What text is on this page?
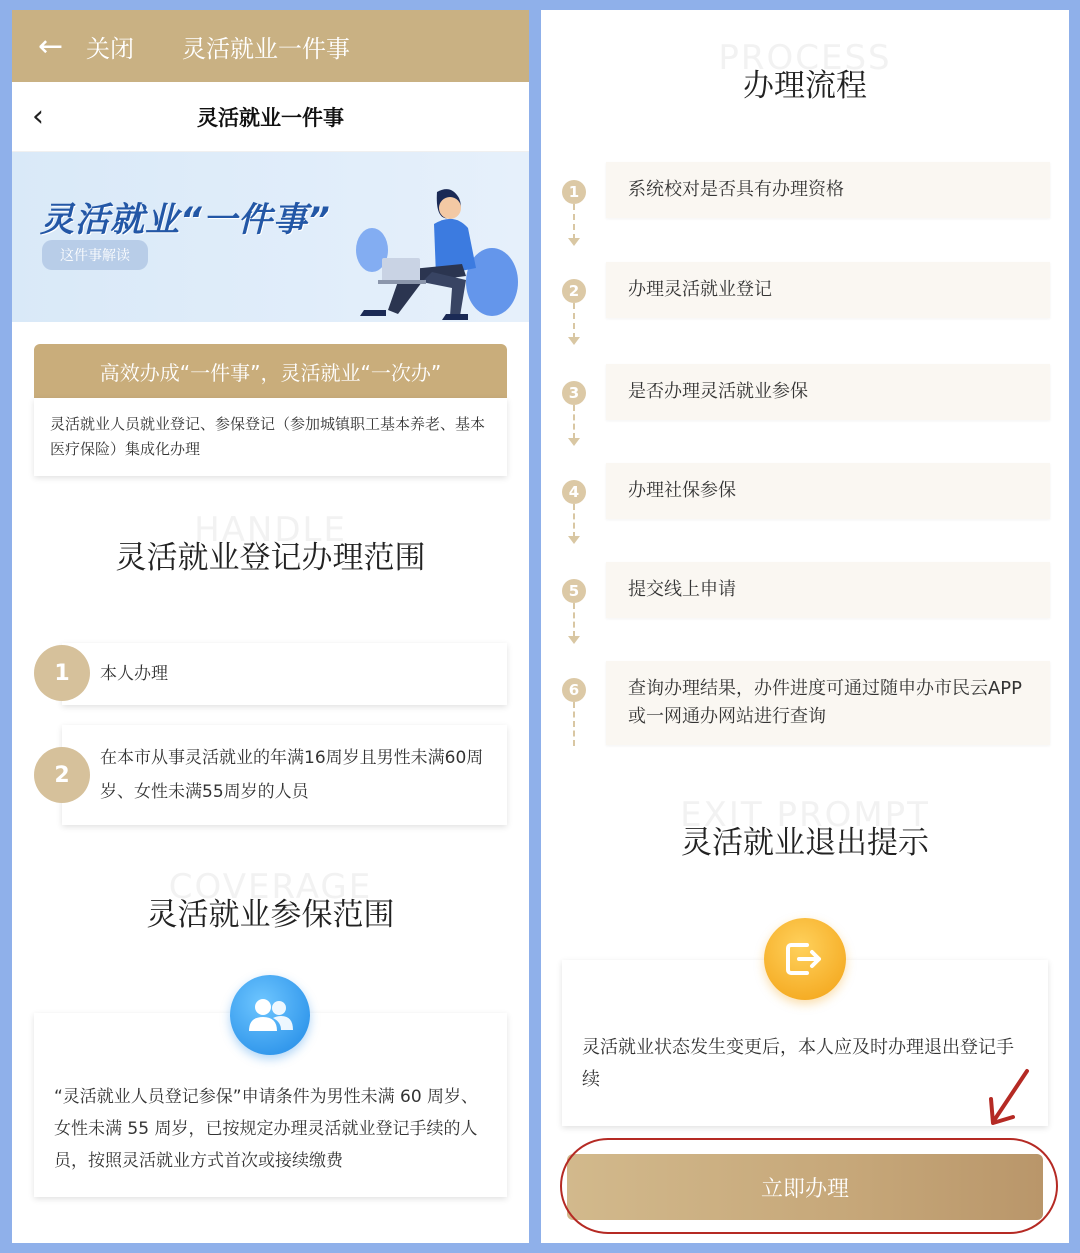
← 关闭 灵活就业一件事
‹	灵活就业一件事
灵活就业“一件事”
这件事解读
高效办成“一件事”，灵活就业“一次办”
灵活就业人员就业登记、参保登记（参加城镇职工基本养老、基本医疗保险）集成化办理
HANDLE
灵活就业登记办理范围
1	本人办理
2
在本市从事灵活就业的年满16周岁且男性未满60周岁、女性未满55周岁的人员
COVERAGE
灵活就业参保范围
“灵活就业人员登记参保”申请条件为男性未满 60 周岁、女性未满 55 周岁，已按规定办理灵活就业登记手续的人员，按照灵活就业方式首次或接续缴费
PROCESS
办理流程
1	系统校对是否具有办理资格
2	办理灵活就业登记
3	是否办理灵活就业参保
4	办理社保参保
5	提交线上申请
6	查询办理结果，办件进度可通过随申办市民云APP或一网通办网站进行查询
EXIT PROMPT
灵活就业退出提示
灵活就业状态发生变更后，本人应及时办理退出登记手续
立即办理
